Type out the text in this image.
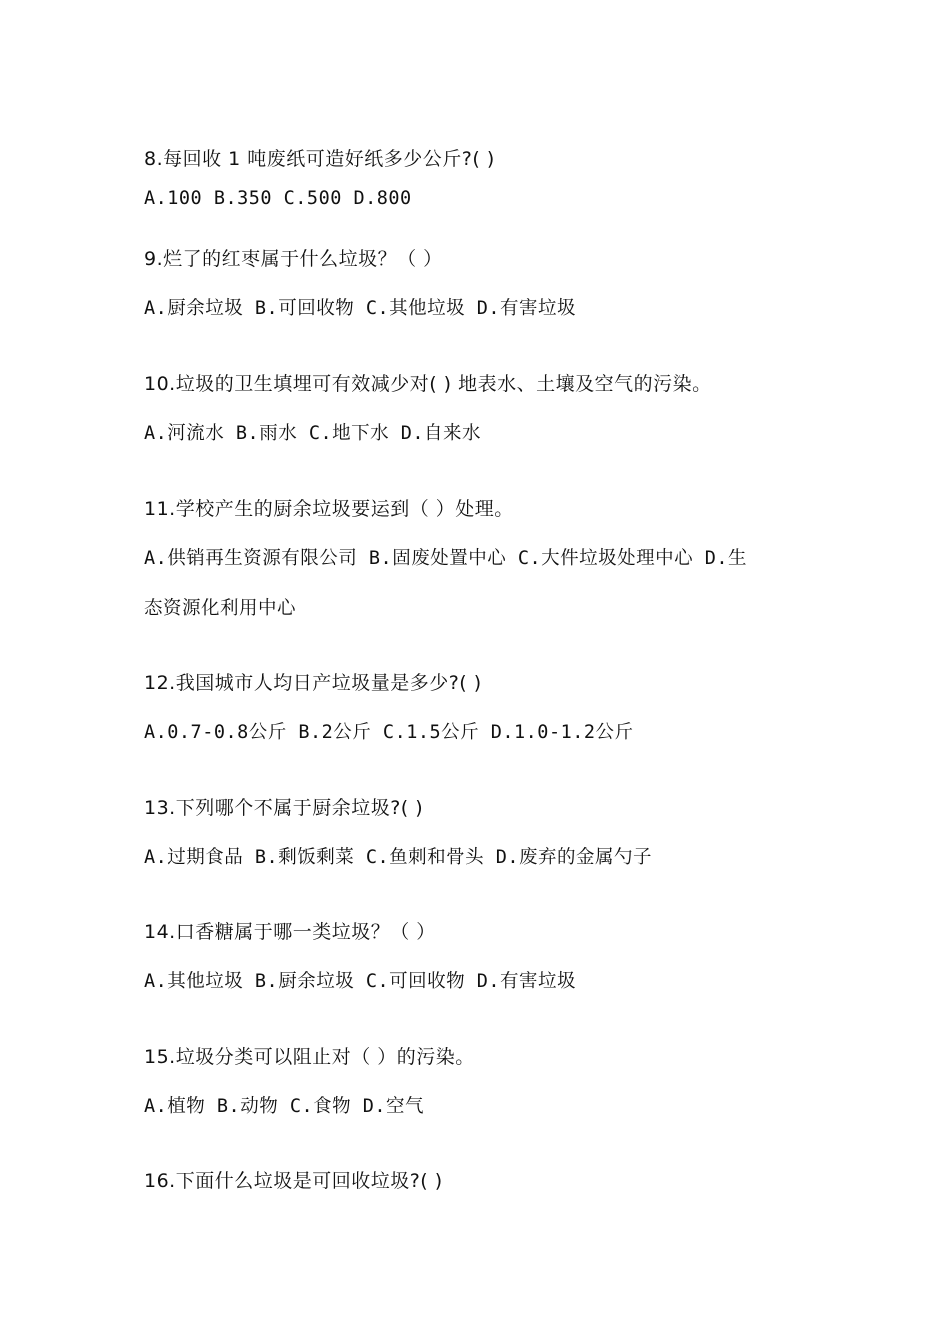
8.每回收 1 吨废纸可造好纸多少公斤?( )
A.100 B.350 C.500 D.800
9.烂了的红枣属于什么垃圾？（ ）
A.厨余垃圾 B.可回收物 C.其他垃圾 D.有害垃圾
10.垃圾的卫生填埋可有效减少对( ) 地表水、土壤及空气的污染。
A.河流水 B.雨水 C.地下水 D.自来水
11.学校产生的厨余垃圾要运到（ ）处理。
A.供销再生资源有限公司 B.固废处置中心 C.大件垃圾处理中心 D.生
态资源化利用中心
12.我国城市人均日产垃圾量是多少?( )
A.0.7-0.8公斤 B.2公斤 C.1.5公斤 D.1.0-1.2公斤
13.下列哪个不属于厨余垃圾?( )
A.过期食品 B.剩饭剩菜 C.鱼刺和骨头 D.废弃的金属勺子
14.口香糖属于哪一类垃圾？（ ）
A.其他垃圾 B.厨余垃圾 C.可回收物 D.有害垃圾
15.垃圾分类可以阻止对（ ）的污染。
A.植物 B.动物 C.食物 D.空气
16.下面什么垃圾是可回收垃圾?( )
